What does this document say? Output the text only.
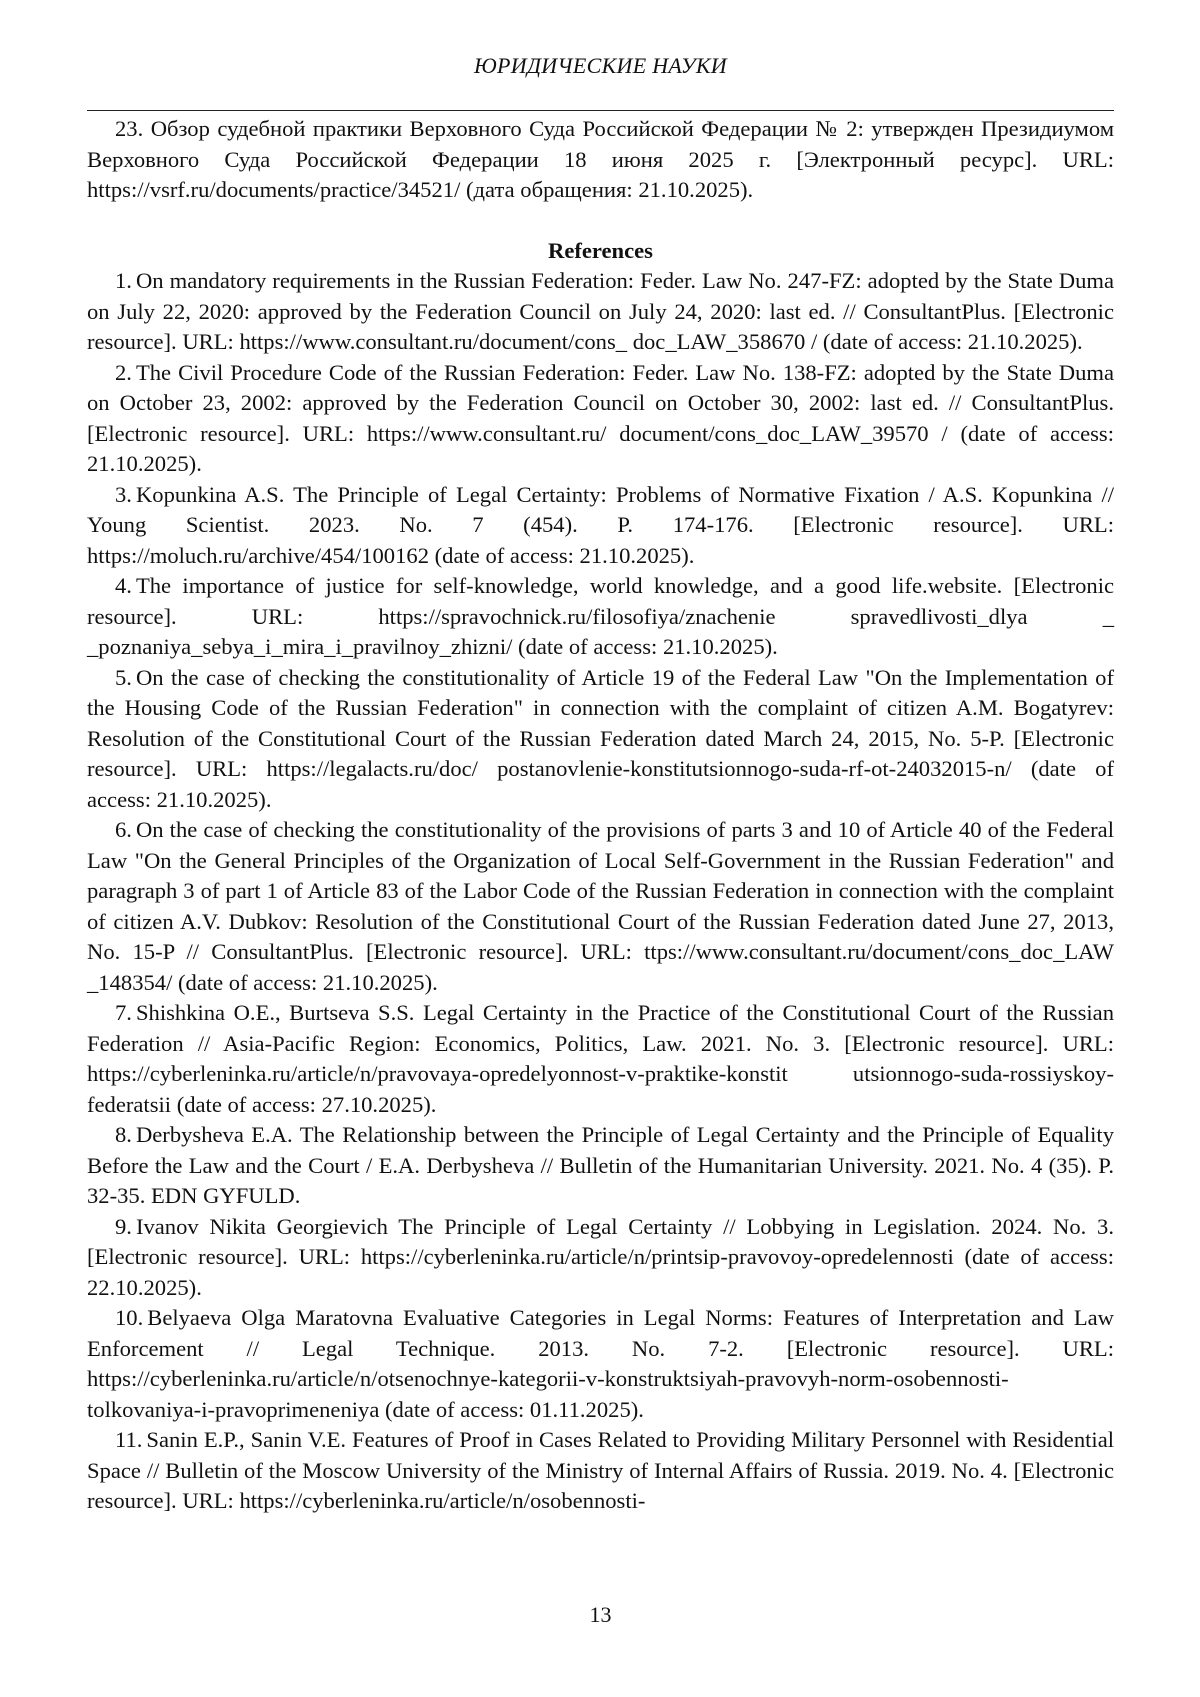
ЮРИДИЧЕСКИЕ НАУКИ

23. Обзор судебной практики Верховного Суда Российской Федерации № 2: утвержден Президиумом Верховного Суда Российской Федерации 18 июня 2025 г. [Электронный ресурс]. URL: https://vsrf.ru/documents/practice/34521/ (дата обращения: 21.10.2025).

References

1. On mandatory requirements in the Russian Federation: Feder. Law No. 247-FZ: adopted by the State Duma on July 22, 2020: approved by the Federation Council on July 24, 2020: last ed. // ConsultantPlus. [Electronic resource]. URL: https://www.consultant.ru/document/cons_ doc_LAW_358670 / (date of access: 21.10.2025).

2. The Civil Procedure Code of the Russian Federation: Feder. Law No. 138-FZ: adopted by the State Duma on October 23, 2002: approved by the Federation Council on October 30, 2002: last ed. // ConsultantPlus. [Electronic resource]. URL: https://www.consultant.ru/ document/cons_doc_LAW_39570 / (date of access: 21.10.2025).

3. Kopunkina A.S. The Principle of Legal Certainty: Problems of Normative Fixation / A.S. Kopunkina // Young Scientist. 2023. No. 7 (454). P. 174-176. [Electronic resource]. URL: https://moluch.ru/archive/454/100162 (date of access: 21.10.2025).

4. The importance of justice for self-knowledge, world knowledge, and a good life.website. [Electronic resource]. URL: https://spravochnick.ru/filosofiya/znachenie spravedlivosti_dlya _ _poznaniya_sebya_i_mira_i_pravilnoy_zhizni/ (date of access: 21.10.2025).

5. On the case of checking the constitutionality of Article 19 of the Federal Law "On the Implementation of the Housing Code of the Russian Federation" in connection with the complaint of citizen A.M. Bogatyrev: Resolution of the Constitutional Court of the Russian Federation dated March 24, 2015, No. 5-P. [Electronic resource]. URL: https://legalacts.ru/doc/ postanovlenie-konstitutsionnogo-suda-rf-ot-24032015-n/ (date of access: 21.10.2025).

6. On the case of checking the constitutionality of the provisions of parts 3 and 10 of Article 40 of the Federal Law "On the General Principles of the Organization of Local Self-Government in the Russian Federation" and paragraph 3 of part 1 of Article 83 of the Labor Code of the Russian Federation in connection with the complaint of citizen A.V. Dubkov: Resolution of the Constitutional Court of the Russian Federation dated June 27, 2013, No. 15-P // ConsultantPlus. [Electronic resource]. URL: ttps://www.consultant.ru/document/cons_doc_LAW _148354/ (date of access: 21.10.2025).

7. Shishkina O.E., Burtseva S.S. Legal Certainty in the Practice of the Constitutional Court of the Russian Federation // Asia-Pacific Region: Economics, Politics, Law. 2021. No. 3. [Electronic resource]. URL: https://cyberleninka.ru/article/n/pravovaya-opredelyonnost-v-praktike-konstit utsionnogo-suda-rossiyskoy-federatsii (date of access: 27.10.2025).

8. Derbysheva E.A. The Relationship between the Principle of Legal Certainty and the Principle of Equality Before the Law and the Court / E.A. Derbysheva // Bulletin of the Humanitarian University. 2021. No. 4 (35). P. 32-35. EDN GYFULD.

9. Ivanov Nikita Georgievich The Principle of Legal Certainty // Lobbying in Legislation. 2024. No. 3. [Electronic resource]. URL: https://cyberleninka.ru/article/n/printsip-pravovoy-opredelennosti (date of access: 22.10.2025).

10. Belyaeva Olga Maratovna Evaluative Categories in Legal Norms: Features of Interpretation and Law Enforcement // Legal Technique. 2013. No. 7-2. [Electronic resource]. URL: https://cyberleninka.ru/article/n/otsenochnye-kategorii-v-konstruktsiyah-pravovyh-norm-osobennosti-tolkovaniya-i-pravoprimeneniya (date of access: 01.11.2025).

11. Sanin E.P., Sanin V.E. Features of Proof in Cases Related to Providing Military Personnel with Residential Space // Bulletin of the Moscow University of the Ministry of Internal Affairs of Russia. 2019. No. 4. [Electronic resource]. URL: https://cyberleninka.ru/article/n/osobennosti-

13
